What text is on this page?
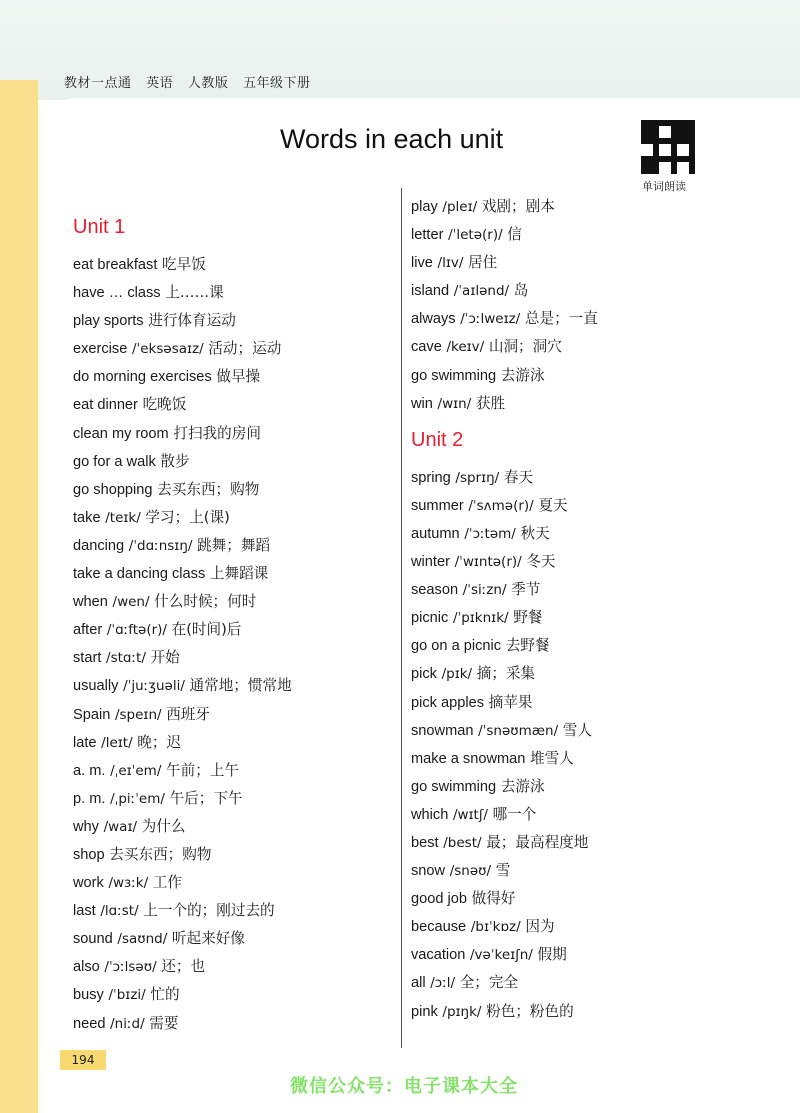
教材一点通 英语 人教版 五年级下册
Words in each unit
单词朗读
Unit 1
eat breakfast 吃早饭
have … class 上……课
play sports 进行体育运动
exercise /ˈeksəsaɪz/ 活动；运动
do morning exercises 做早操
eat dinner 吃晚饭
clean my room 打扫我的房间
go for a walk 散步
go shopping 去买东西；购物
take /teɪk/ 学习；上(课)
dancing /ˈdɑːnsɪŋ/ 跳舞；舞蹈
take a dancing class 上舞蹈课
when /wen/ 什么时候；何时
after /ˈɑːftə(r)/ 在(时间)后
start /stɑːt/ 开始
usually /ˈjuːʒuəli/ 通常地；惯常地
Spain /speɪn/ 西班牙
late /leɪt/ 晚；迟
a. m. /ˌeɪˈem/ 午前；上午
p. m. /ˌpiːˈem/ 午后；下午
why /waɪ/ 为什么
shop 去买东西；购物
work /wɜːk/ 工作
last /lɑːst/ 上一个的；刚过去的
sound /saʊnd/ 听起来好像
also /ˈɔːlsəʊ/ 还；也
busy /ˈbɪzi/ 忙的
need /niːd/ 需要
play /pleɪ/ 戏剧；剧本
letter /ˈletə(r)/ 信
live /lɪv/ 居住
island /ˈaɪlənd/ 岛
always /ˈɔːlweɪz/ 总是；一直
cave /keɪv/ 山洞；洞穴
go swimming 去游泳
win /wɪn/ 获胜
Unit 2
spring /sprɪŋ/ 春天
summer /ˈsʌmə(r)/ 夏天
autumn /ˈɔːtəm/ 秋天
winter /ˈwɪntə(r)/ 冬天
season /ˈsiːzn/ 季节
picnic /ˈpɪknɪk/ 野餐
go on a picnic 去野餐
pick /pɪk/ 摘；采集
pick apples 摘苹果
snowman /ˈsnəʊmæn/ 雪人
make a snowman 堆雪人
go swimming 去游泳
which /wɪtʃ/ 哪一个
best /best/ 最；最高程度地
snow /snəʊ/ 雪
good job 做得好
because /bɪˈkɒz/ 因为
vacation /vəˈkeɪʃn/ 假期
all /ɔːl/ 全；完全
pink /pɪŋk/ 粉色；粉色的
194
微信公众号：电子课本大全
